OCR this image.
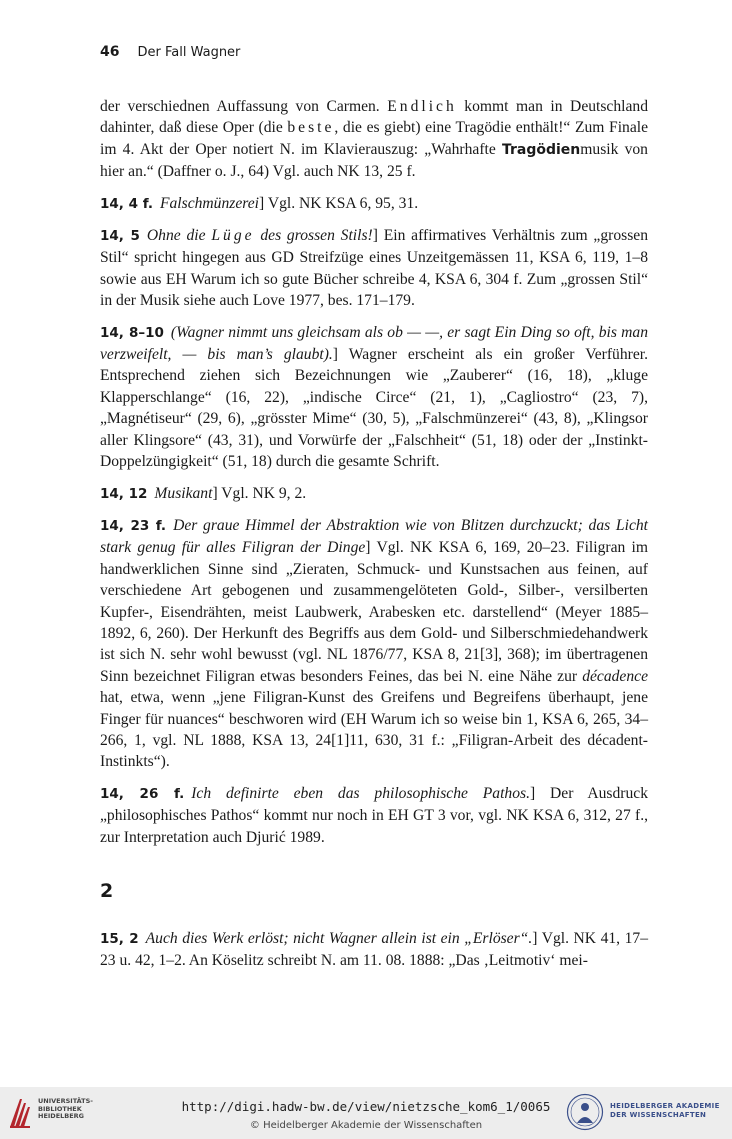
46 Der Fall Wagner

der verschiednen Auffassung von Carmen. Endlich kommt man in Deutschland dahinter, daß diese Oper (die beste, die es giebt) eine Tragödie enthält!“ Zum Finale im 4. Akt der Oper notiert N. im Klavierauszug: „Wahrhafte Tragödienmusik von hier an.“ (Daffner o. J., 64) Vgl. auch NK 13, 25 f.

14, 4 f. Falschmünzerei] Vgl. NK KSA 6, 95, 31.

14, 5 Ohne die Lüge des grossen Stils!] Ein affirmatives Verhältnis zum „grossen Stil“ spricht hingegen aus GD Streifzüge eines Unzeitgemässen 11, KSA 6, 119, 1–8 sowie aus EH Warum ich so gute Bücher schreibe 4, KSA 6, 304 f. Zum „grossen Stil“ in der Musik siehe auch Love 1977, bes. 171–179.

14, 8–10 (Wagner nimmt uns gleichsam als ob — —, er sagt Ein Ding so oft, bis man verzweifelt, — bis man’s glaubt).] Wagner erscheint als ein großer Verführer. Entsprechend ziehen sich Bezeichnungen wie „Zauberer“ (16, 18), „kluge Klapperschlange“ (16, 22), „indische Circe“ (21, 1), „Cagliostro“ (23, 7), „Magnétiseur“ (29, 6), „grösster Mime“ (30, 5), „Falschmünzerei“ (43, 8), „Klingsor aller Klingsore“ (43, 31), und Vorwürfe der „Falschheit“ (51, 18) oder der „Instinkt-Doppelzüngigkeit“ (51, 18) durch die gesamte Schrift.

14, 12 Musikant] Vgl. NK 9, 2.

14, 23 f. Der graue Himmel der Abstraktion wie von Blitzen durchzuckt; das Licht stark genug für alles Filigran der Dinge] Vgl. NK KSA 6, 169, 20–23. Filigran im handwerklichen Sinne sind „Zieraten, Schmuck- und Kunstsachen aus feinen, auf verschiedene Art gebogenen und zusammengelöteten Gold-, Silber-, versilberten Kupfer-, Eisendrähten, meist Laubwerk, Arabesken etc. darstellend“ (Meyer 1885–1892, 6, 260). Der Herkunft des Begriffs aus dem Gold- und Silberschmiedehandwerk ist sich N. sehr wohl bewusst (vgl. NL 1876/77, KSA 8, 21[3], 368); im übertragenen Sinn bezeichnet Filigran etwas besonders Feines, das bei N. eine Nähe zur décadence hat, etwa, wenn „jene Filigran-Kunst des Greifens und Begreifens überhaupt, jene Finger für nuances“ beschworen wird (EH Warum ich so weise bin 1, KSA 6, 265, 34–266, 1, vgl. NL 1888, KSA 13, 24[1]11, 630, 31 f.: „Filigran-Arbeit des décadent-Instinkts“).

14, 26 f. Ich definirte eben das philosophische Pathos.] Der Ausdruck „philosophisches Pathos“ kommt nur noch in EH GT 3 vor, vgl. NK KSA 6, 312, 27 f., zur Interpretation auch Djurić 1989.

2
15, 2 Auch dies Werk erlöst; nicht Wagner allein ist ein „Erlöser“.] Vgl. NK 41, 17–23 u. 42, 1–2. An Köselitz schreibt N. am 11. 08. 1888: „Das ‚Leitmotiv‘ mei-
UNIVERSITÄTS-
BIBLIOTHEK
HEIDELBERG
http://digi.hadw-bw.de/view/nietzsche_kom6_1/0065
© Heidelberger Akademie der Wissenschaften
HEIDELBERGER AKADEMIE
DER WISSENSCHAFTEN
